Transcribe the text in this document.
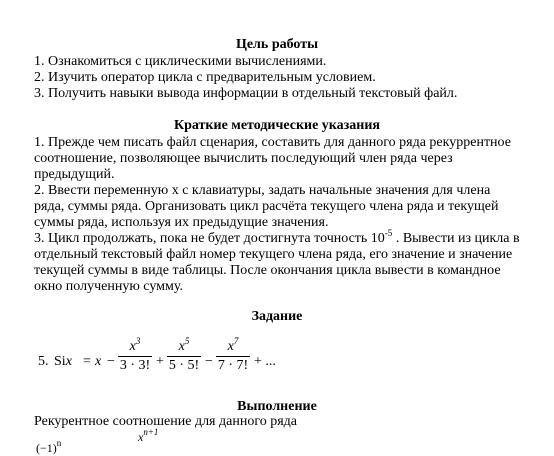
Цель работы
1. Ознакомиться с циклическими вычислениями.
2. Изучить оператор цикла с предварительным условием.
3. Получить навыки вывода информации в отдельный текстовый файл.
Краткие методические указания
1. Прежде чем писать файл сценария, составить для данного ряда рекуррентное
соотношение, позволяющее вычислить последующий член ряда через
предыдущий.
2. Ввести переменную x с клавиатуры, задать начальные значения для члена
ряда, суммы ряда. Организовать цикл расчёта текущего члена ряда и текущей
суммы ряда, используя их предыдущие значения.
3. Цикл продолжать, пока не будет достигнута точность $10^{-5}$ . Вывести из цикла в
отдельный текстовый файл номер текущего члена ряда, его значение и значение
текущей суммы в виде таблицы. После окончания цикла вывести в командное
окно полученную сумму.
Задание
5. Six = x −
$x^3$
3 · 3! +
$x^5$
5 · 5! −
$x^7$
7 · 7! + ...
Выполнение
Рекурентное соотношение для данного ряда
$x^{n+1}$
$(-1)^n$
